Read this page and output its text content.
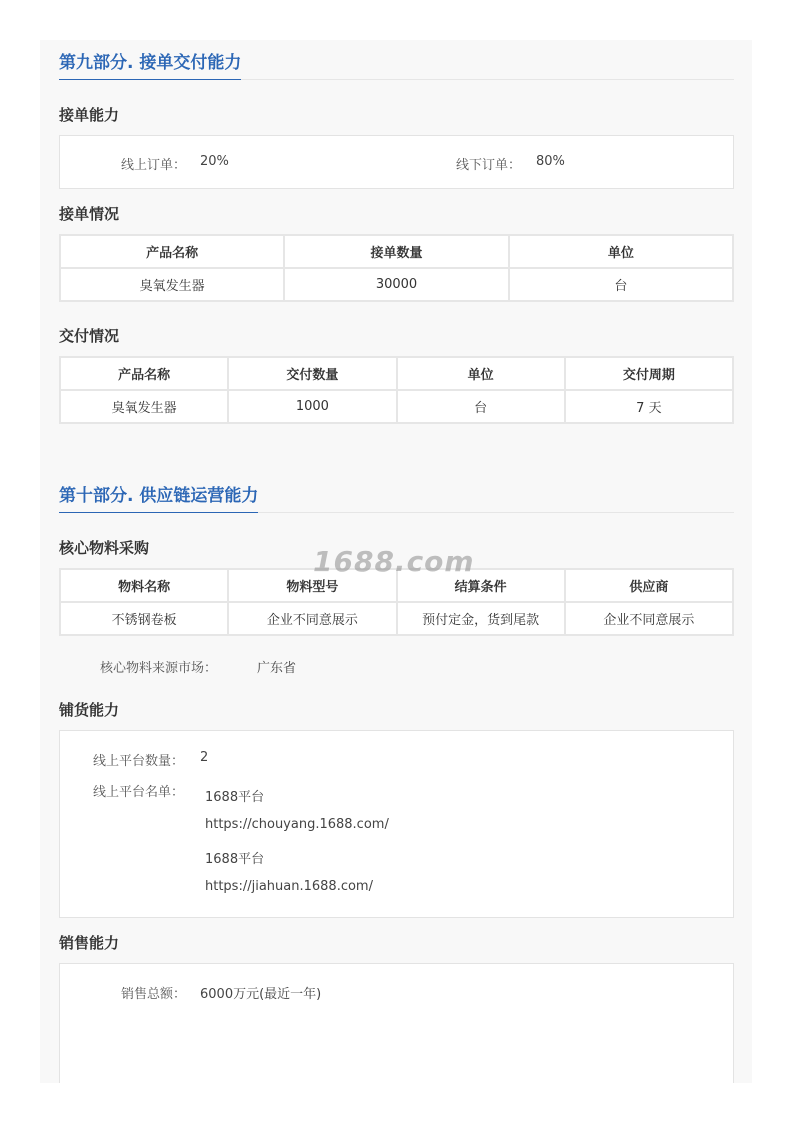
第九部分. 接单交付能力
接单能力
线上订单： 20%	线下订单： 80%
接单情况
产品名称	接单数量	单位
臭氧发生器	30000	台
交付情况
产品名称	交付数量	单位	交付周期
臭氧发生器	1000	台	7 天
第十部分. 供应链运营能力
核心物料采购
物料名称	物料型号	结算条件	供应商
不锈钢卷板	企业不同意展示	预付定金，货到尾款	企业不同意展示
核心物料来源市场：	广东省
铺货能力
线上平台数量： 2
线上平台名单： 1688平台
https://chouyang.1688.com/
1688平台
https://jiahuan.1688.com/
销售能力
销售总额： 6000万元(最近一年)
1688.com
